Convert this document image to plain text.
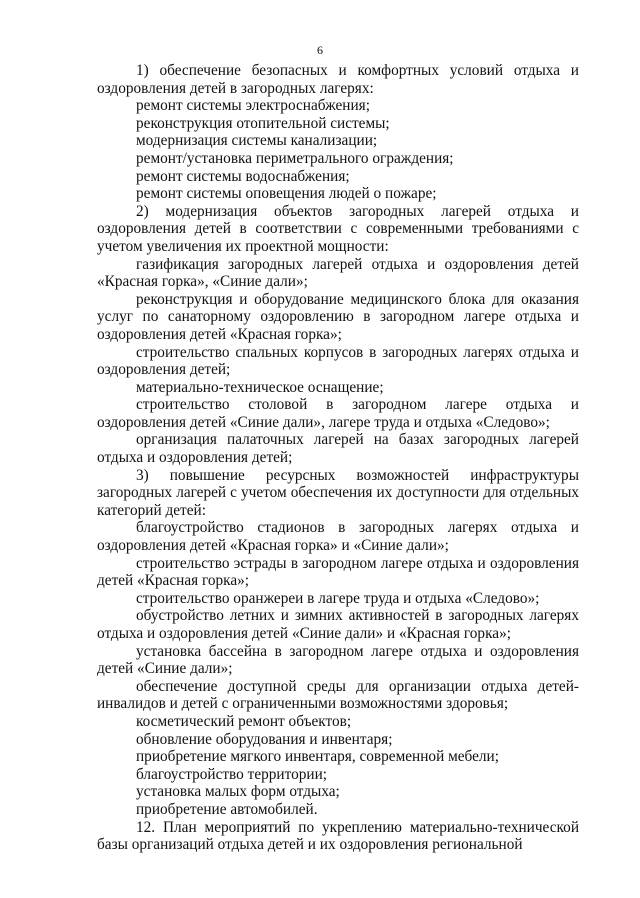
6

1) обеспечение безопасных и комфортных условий отдыха и оздоровления детей в загородных лагерях:

ремонт системы электроснабжения;

реконструкция отопительной системы;

модернизация системы канализации;

ремонт/установка периметрального ограждения;

ремонт системы водоснабжения;

ремонт системы оповещения людей о пожаре;

2) модернизация объектов загородных лагерей отдыха и оздоровления детей в соответствии с современными требованиями с учетом увеличения их проектной мощности:

газификация загородных лагерей отдыха и оздоровления детей «Красная горка», «Синие дали»;

реконструкция и оборудование медицинского блока для оказания услуг по санаторному оздоровлению в загородном лагере отдыха и оздоровления детей «Красная горка»;

строительство спальных корпусов в загородных лагерях отдыха и оздоровления детей;

материально-техническое оснащение;

строительство столовой в загородном лагере отдыха и оздоровления детей «Синие дали», лагере труда и отдыха «Следово»;

организация палаточных лагерей на базах загородных лагерей отдыха и оздоровления детей;

3) повышение ресурсных возможностей инфраструктуры загородных лагерей с учетом обеспечения их доступности для отдельных категорий детей:

благоустройство стадионов в загородных лагерях отдыха и оздоровления детей «Красная горка» и «Синие дали»;

строительство эстрады в загородном лагере отдыха и оздоровления детей «Красная горка»;

строительство оранжереи в лагере труда и отдыха «Следово»;

обустройство летних и зимних активностей в загородных лагерях отдыха и оздоровления детей «Синие дали» и «Красная горка»;

установка бассейна в загородном лагере отдыха и оздоровления детей «Синие дали»;

обеспечение доступной среды для организации отдыха детей-инвалидов и детей с ограниченными возможностями здоровья;

косметический ремонт объектов;

обновление оборудования и инвентаря;

приобретение мягкого инвентаря, современной мебели;

благоустройство территории;

установка малых форм отдыха;

приобретение автомобилей.

12. План мероприятий по укреплению материально-технической базы организаций отдыха детей и их оздоровления региональной
